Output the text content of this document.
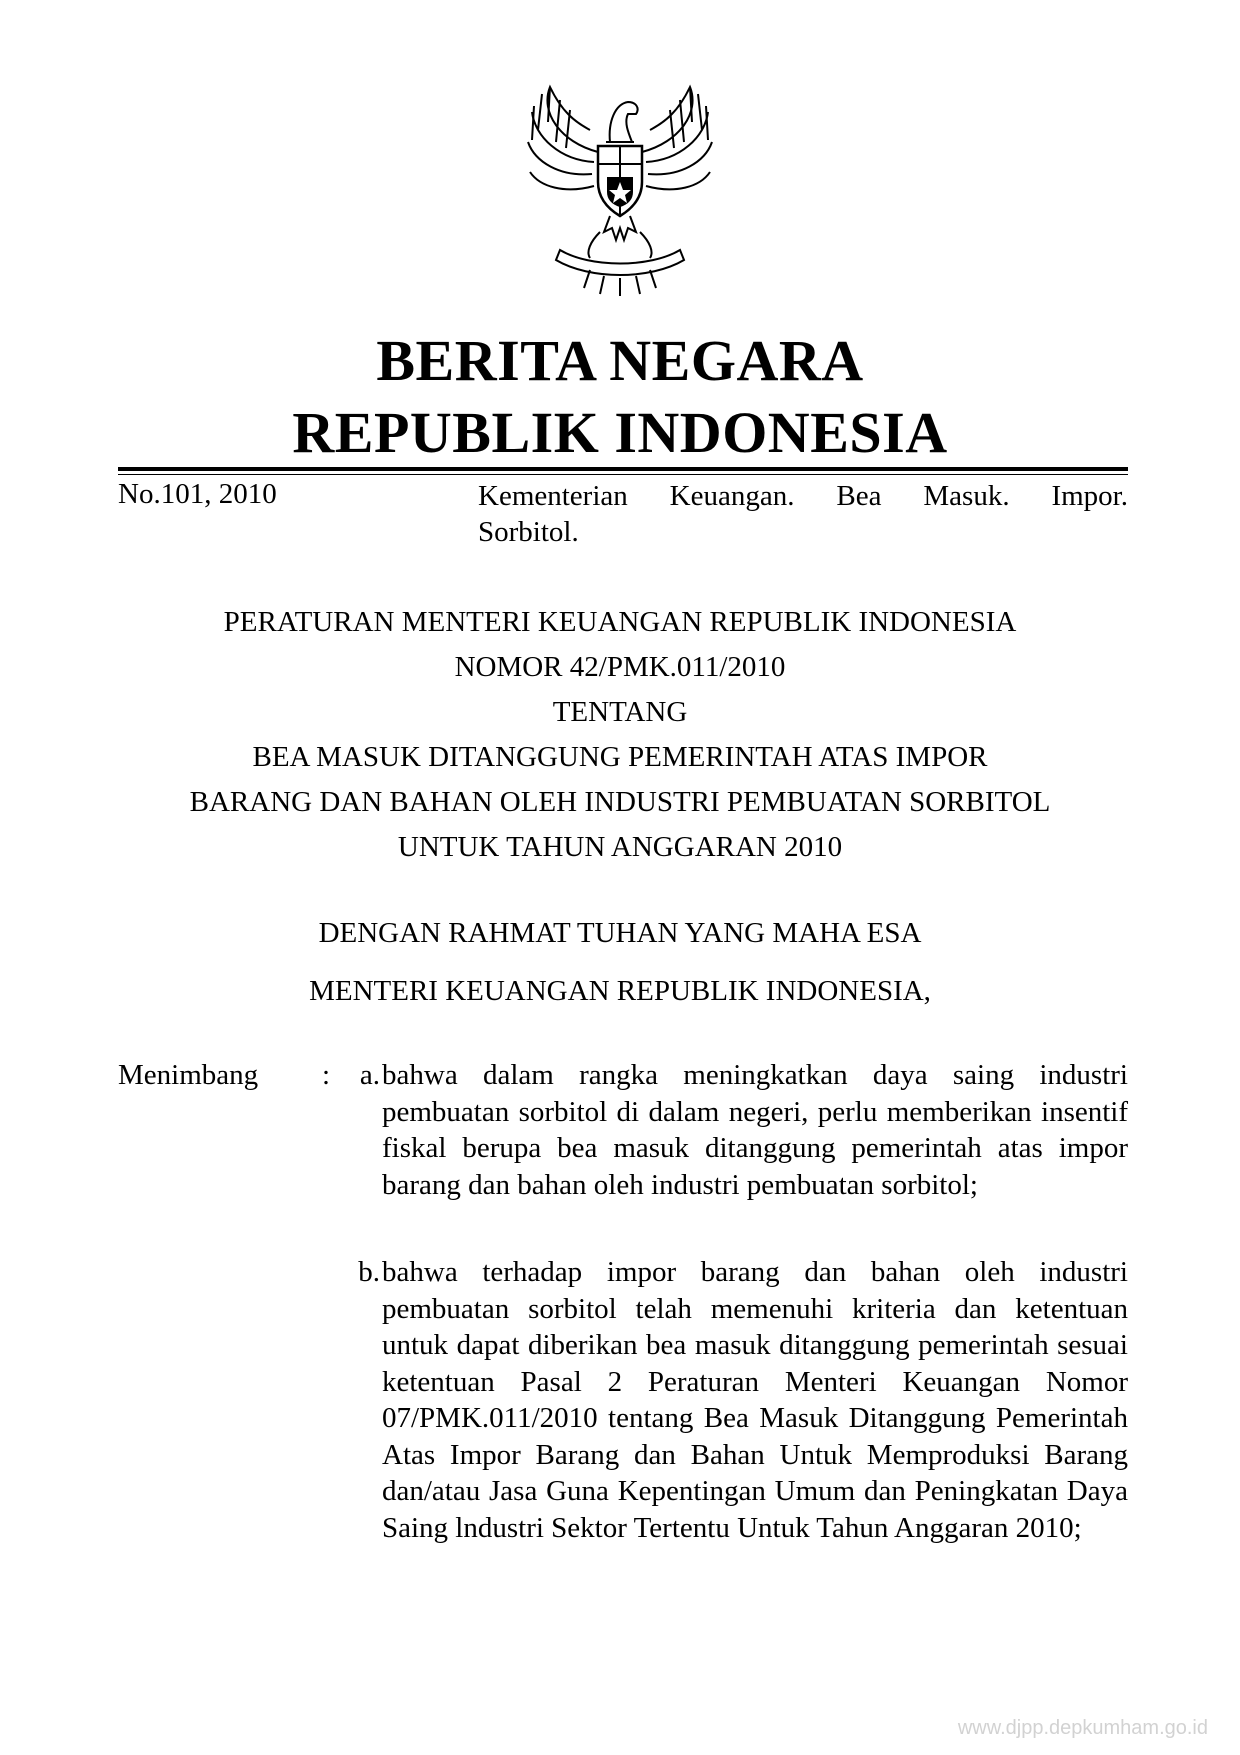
BERITA NEGARA
REPUBLIK INDONESIA
No.101, 2010	Kementerian Keuangan. Bea Masuk. Impor.
Sorbitol.
PERATURAN MENTERI KEUANGAN REPUBLIK INDONESIA
NOMOR 42/PMK.011/2010
TENTANG
BEA MASUK DITANGGUNG PEMERINTAH ATAS IMPOR
BARANG DAN BAHAN OLEH INDUSTRI PEMBUATAN SORBITOL
UNTUK TAHUN ANGGARAN 2010
DENGAN RAHMAT TUHAN YANG MAHA ESA
MENTERI KEUANGAN REPUBLIK INDONESIA,
Menimbang :	a. bahwa dalam rangka meningkatkan daya saing industri pembuatan sorbitol di dalam negeri, perlu memberikan insentif fiskal berupa bea masuk ditanggung pemerintah atas impor barang dan bahan oleh industri pembuatan sorbitol;
b. bahwa terhadap impor barang dan bahan oleh industri pembuatan sorbitol telah memenuhi kriteria dan ketentuan untuk dapat diberikan bea masuk ditanggung pemerintah sesuai ketentuan Pasal 2 Peraturan Menteri Keuangan Nomor 07/PMK.011/2010 tentang Bea Masuk Ditanggung Pemerintah Atas Impor Barang dan Bahan Untuk Memproduksi Barang dan/atau Jasa Guna Kepentingan Umum dan Peningkatan Daya Saing lndustri Sektor Tertentu Untuk Tahun Anggaran 2010;
www.djpp.depkumham.go.id
